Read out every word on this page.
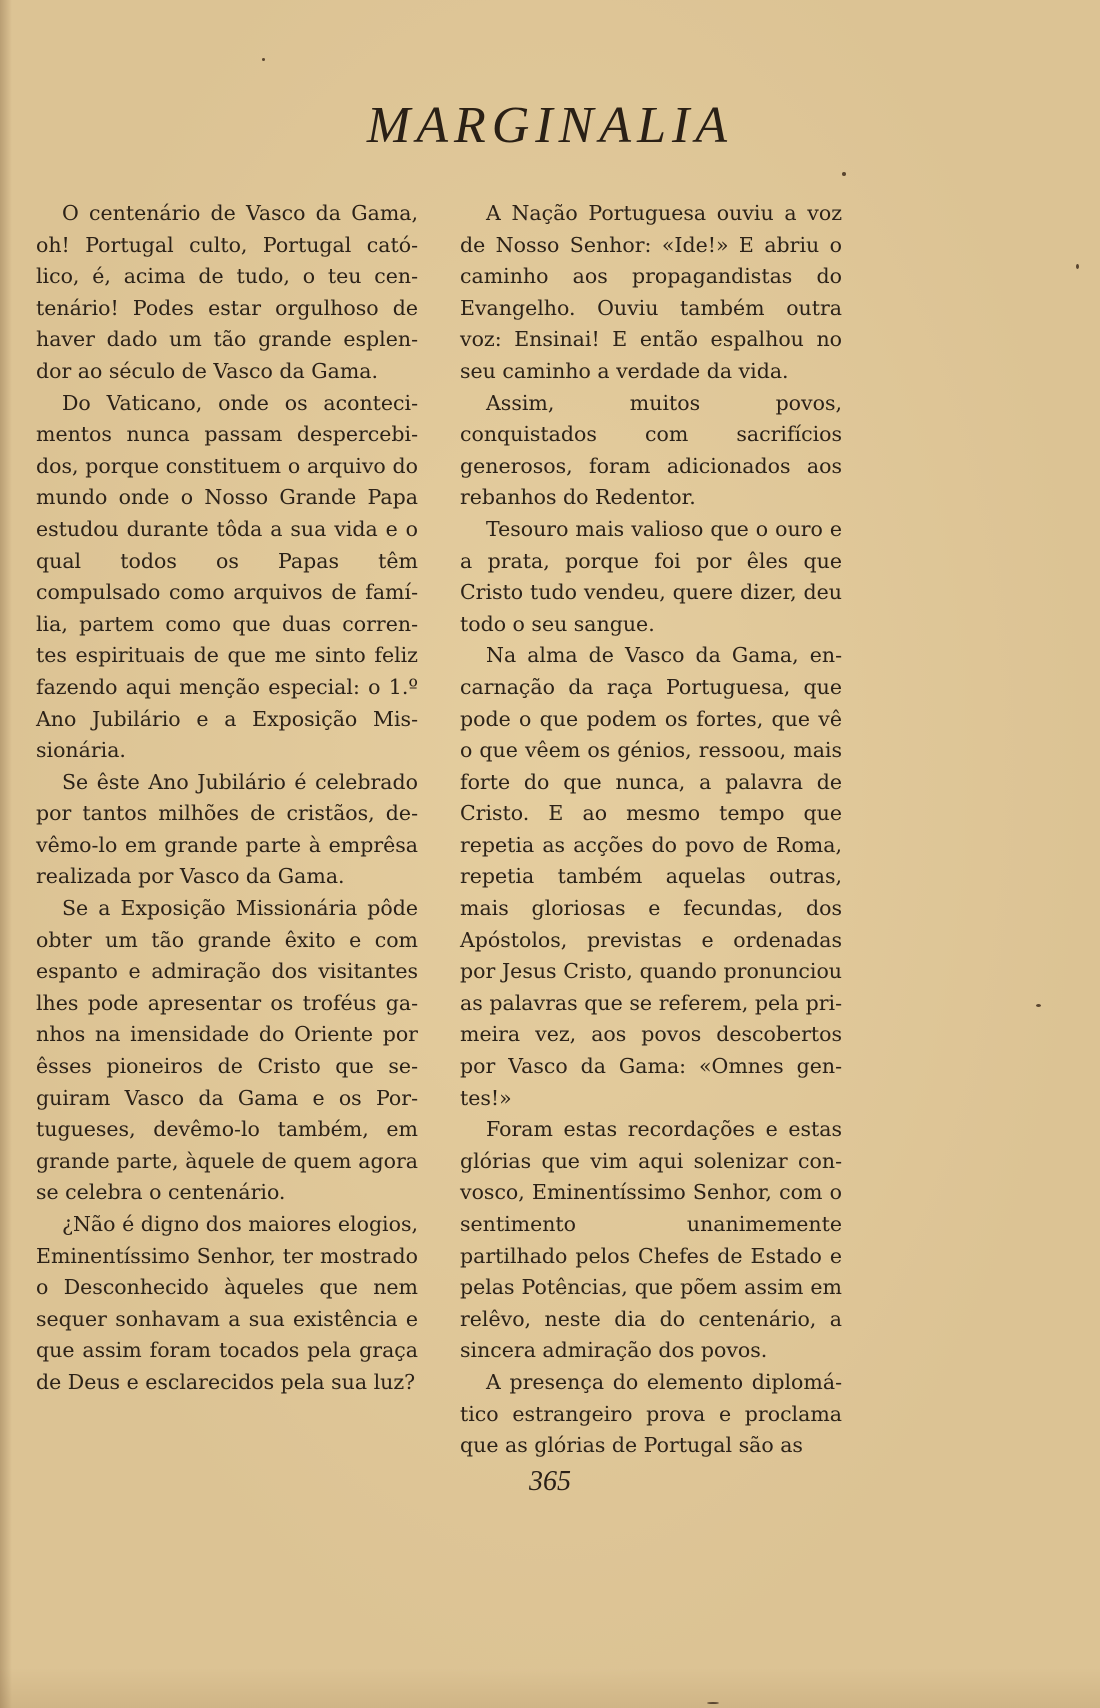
MARGINALIA

O centenário de Vasco da Gama, oh! Portugal culto, Portugal católico, é, acima de tudo, o teu centenário! Podes estar orgulhoso de haver dado um tão grande esplendor ao século de Vasco da Gama.

Do Vaticano, onde os acontecimentos nunca passam despercebidos, porque constituem o arquivo do mundo onde o Nosso Grande Papa estudou durante tôda a sua vida e o qual todos os Papas têm compulsado como arquivos de família, partem como que duas correntes espirituais de que me sinto feliz fazendo aqui menção especial: o 1.º Ano Jubilário e a Exposição Missionária.

Se êste Ano Jubilário é celebrado por tantos milhões de cristãos, devêmo-lo em grande parte à emprêsa realizada por Vasco da Gama.

Se a Exposição Missionária pôde obter um tão grande êxito e com espanto e admiração dos visitantes lhes pode apresentar os troféus ganhos na imensidade do Oriente por êsses pioneiros de Cristo que seguiram Vasco da Gama e os Portugueses, devêmo-lo também, em grande parte, àquele de quem agora se celebra o centenário.

¿Não é digno dos maiores elogios, Eminentíssimo Senhor, ter mostrado o Desconhecido àqueles que nem sequer sonhavam a sua existência e que assim foram tocados pela graça de Deus e esclarecidos pela sua luz?

A Nação Portuguesa ouviu a voz de Nosso Senhor: «Ide!» E abriu o caminho aos propagandistas do Evangelho. Ouviu também outra voz: Ensinai! E então espalhou no seu caminho a verdade da vida.

Assim, muitos povos, conquistados com sacrifícios generosos, foram adicionados aos rebanhos do Redentor.

Tesouro mais valioso que o ouro e a prata, porque foi por êles que Cristo tudo vendeu, quere dizer, deu todo o seu sangue.

Na alma de Vasco da Gama, encarnação da raça Portuguesa, que pode o que podem os fortes, que vê o que vêem os génios, ressoou, mais forte do que nunca, a palavra de Cristo. E ao mesmo tempo que repetia as acções do povo de Roma, repetia também aquelas outras, mais gloriosas e fecundas, dos Apóstolos, previstas e ordenadas por Jesus Cristo, quando pronunciou as palavras que se referem, pela primeira vez, aos povos descobertos por Vasco da Gama: «Omnes gentes!»

Foram estas recordações e estas glórias que vim aqui solenizar convosco, Eminentíssimo Senhor, com o sentimento unanimemente partilhado pelos Chefes de Estado e pelas Potências, que põem assim em relêvo, neste dia do centenário, a sincera admiração dos povos.

A presença do elemento diplomático estrangeiro prova e proclama que as glórias de Portugal são as

365
